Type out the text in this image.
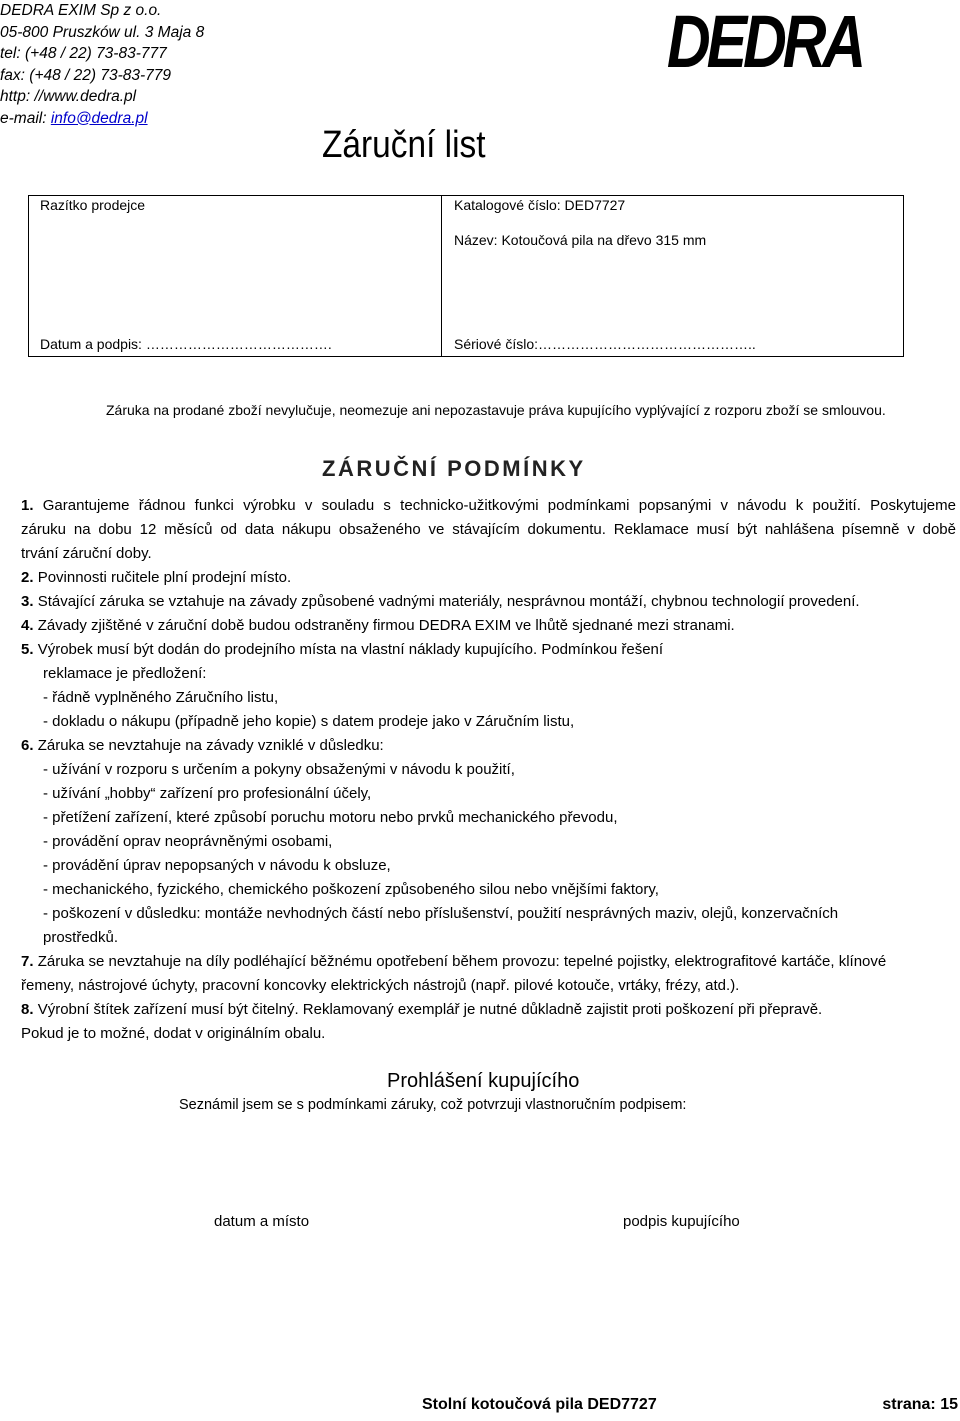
DEDRA EXIM Sp z o.o.
05-800 Pruszków ul. 3 Maja 8
tel: (+48 / 22) 73-83-777
fax: (+48 / 22) 73-83-779
http: //www.dedra.pl
e-mail: info@dedra.pl
DEDRA
Záruční list
Razítko prodejce	Katalogové číslo: DED7727
Název: Kotoučová pila na dřevo 315 mm
Datum a podpis: ………………………………….	Sériové číslo:………………………………………..
Záruka na prodané zboží nevylučuje, neomezuje ani nepozastavuje práva kupujícího vyplývající z rozporu zboží se smlouvou.
ZÁRUČNÍ PODMÍNKY
1. Garantujeme řádnou funkci výrobku v souladu s technicko-užitkovými podmínkami popsanými v návodu k použití. Poskytujeme
záruku na dobu 12 měsíců od data nákupu obsaženého ve stávajícím dokumentu. Reklamace musí být nahlášena písemně v době
trvání záruční doby.
2. Povinnosti ručitele plní prodejní místo.
3. Stávající záruka se vztahuje na závady způsobené vadnými materiály, nesprávnou montáží, chybnou technologií provedení.
4. Závady zjištěné v záruční době budou odstraněny firmou DEDRA EXIM ve lhůtě sjednané mezi stranami.
5. Výrobek musí být dodán do prodejního místa na vlastní náklady kupujícího. Podmínkou řešení
reklamace je předložení:
- řádně vyplněného Záručního listu,
- dokladu o nákupu (případně jeho kopie) s datem prodeje jako v Záručním listu,
6. Záruka se nevztahuje na závady vzniklé v důsledku:
- užívání v rozporu s určením a pokyny obsaženými v návodu k použití,
- užívání „hobby“ zařízení pro profesionální účely,
- přetížení zařízení, které způsobí poruchu motoru nebo prvků mechanického převodu,
- provádění oprav neoprávněnými osobami,
- provádění úprav nepopsaných v návodu k obsluze,
- mechanického, fyzického, chemického poškození způsobeného silou nebo vnějšími faktory,
- poškození v důsledku: montáže nevhodných částí nebo příslušenství, použití nesprávných maziv, olejů, konzervačních
prostředků.
7. Záruka se nevztahuje na díly podléhající běžnému opotřebení během provozu: tepelné pojistky, elektrografitové kartáče, klínové
řemeny, nástrojové úchyty, pracovní koncovky elektrických nástrojů (např. pilové kotouče, vrtáky, frézy, atd.).
8. Výrobní štítek zařízení musí být čitelný. Reklamovaný exemplář je nutné důkladně zajistit proti poškození při přepravě.
Pokud je to možné, dodat v originálním obalu.
Prohlášení kupujícího
Seznámil jsem se s podmínkami záruky, což potvrzuji vlastnoručním podpisem:
datum a místo	podpis kupujícího
Stolní kotoučová pila DED7727	strana: 15
